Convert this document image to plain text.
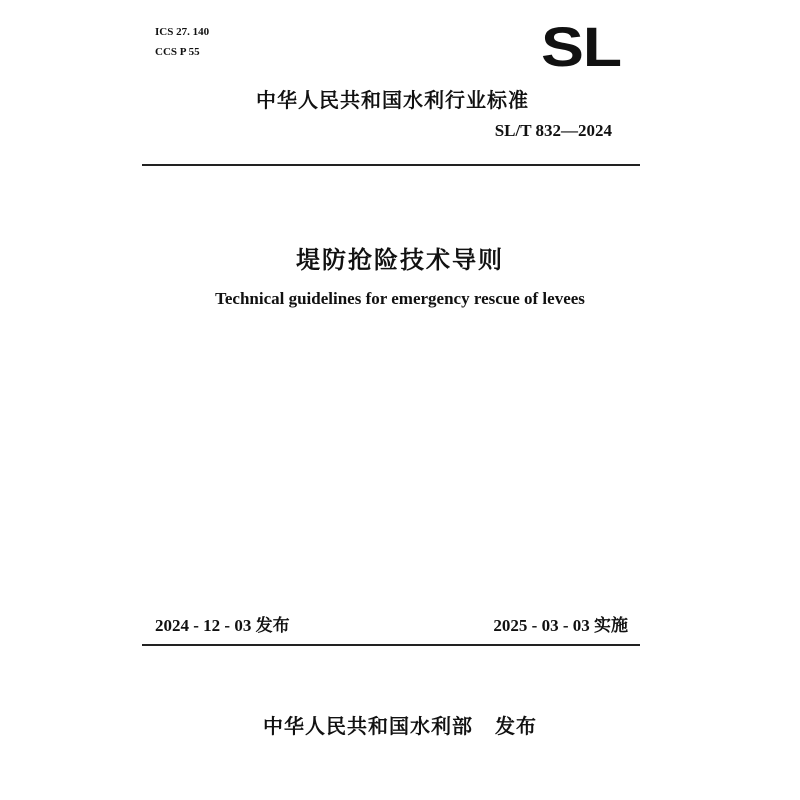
ICS 27. 140
CCS P 55	SL
中华人民共和国水利行业标准
SL/T 832—2024
堤防抢险技术导则
Technical guidelines for emergency rescue of levees
2024 - 12 - 03 发布	2025 - 03 - 03 实施
中华人民共和国水利部 发布
